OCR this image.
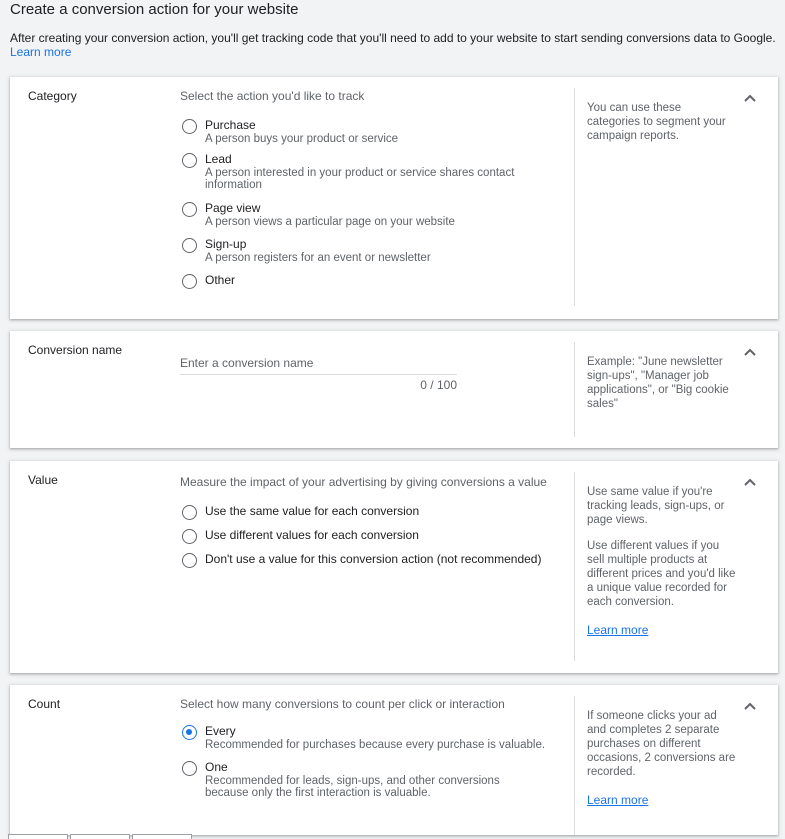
Create a conversion action for your website
After creating your conversion action, you'll get tracking code that you'll need to add to your website to start sending conversions data to Google. Learn more
Category	Select the action you'd like to track
Purchase
A person buys your product or service
Lead
A person interested in your product or service shares contact information
Page view
A person views a particular page on your website
Sign-up
A person registers for an event or newsletter
Other
You can use these categories to segment your campaign reports.
Conversion name
Enter a conversion name
0 / 100
Example: "June newsletter sign-ups", "Manager job applications", or "Big cookie sales"
Value	Measure the impact of your advertising by giving conversions a value
Use the same value for each conversion
Use different values for each conversion
Don't use a value for this conversion action (not recommended)

Use same value if you're tracking leads, sign-ups, or page views.

Use different values if you sell multiple products at different prices and you'd like a unique value recorded for each conversion.

Learn more
Count	Select how many conversions to count per click or interaction
Every
Recommended for purchases because every purchase is valuable.
One
Recommended for leads, sign-ups, and other conversions because only the first interaction is valuable.

If someone clicks your ad and completes 2 separate purchases on different occasions, 2 conversions are recorded.

Learn more
